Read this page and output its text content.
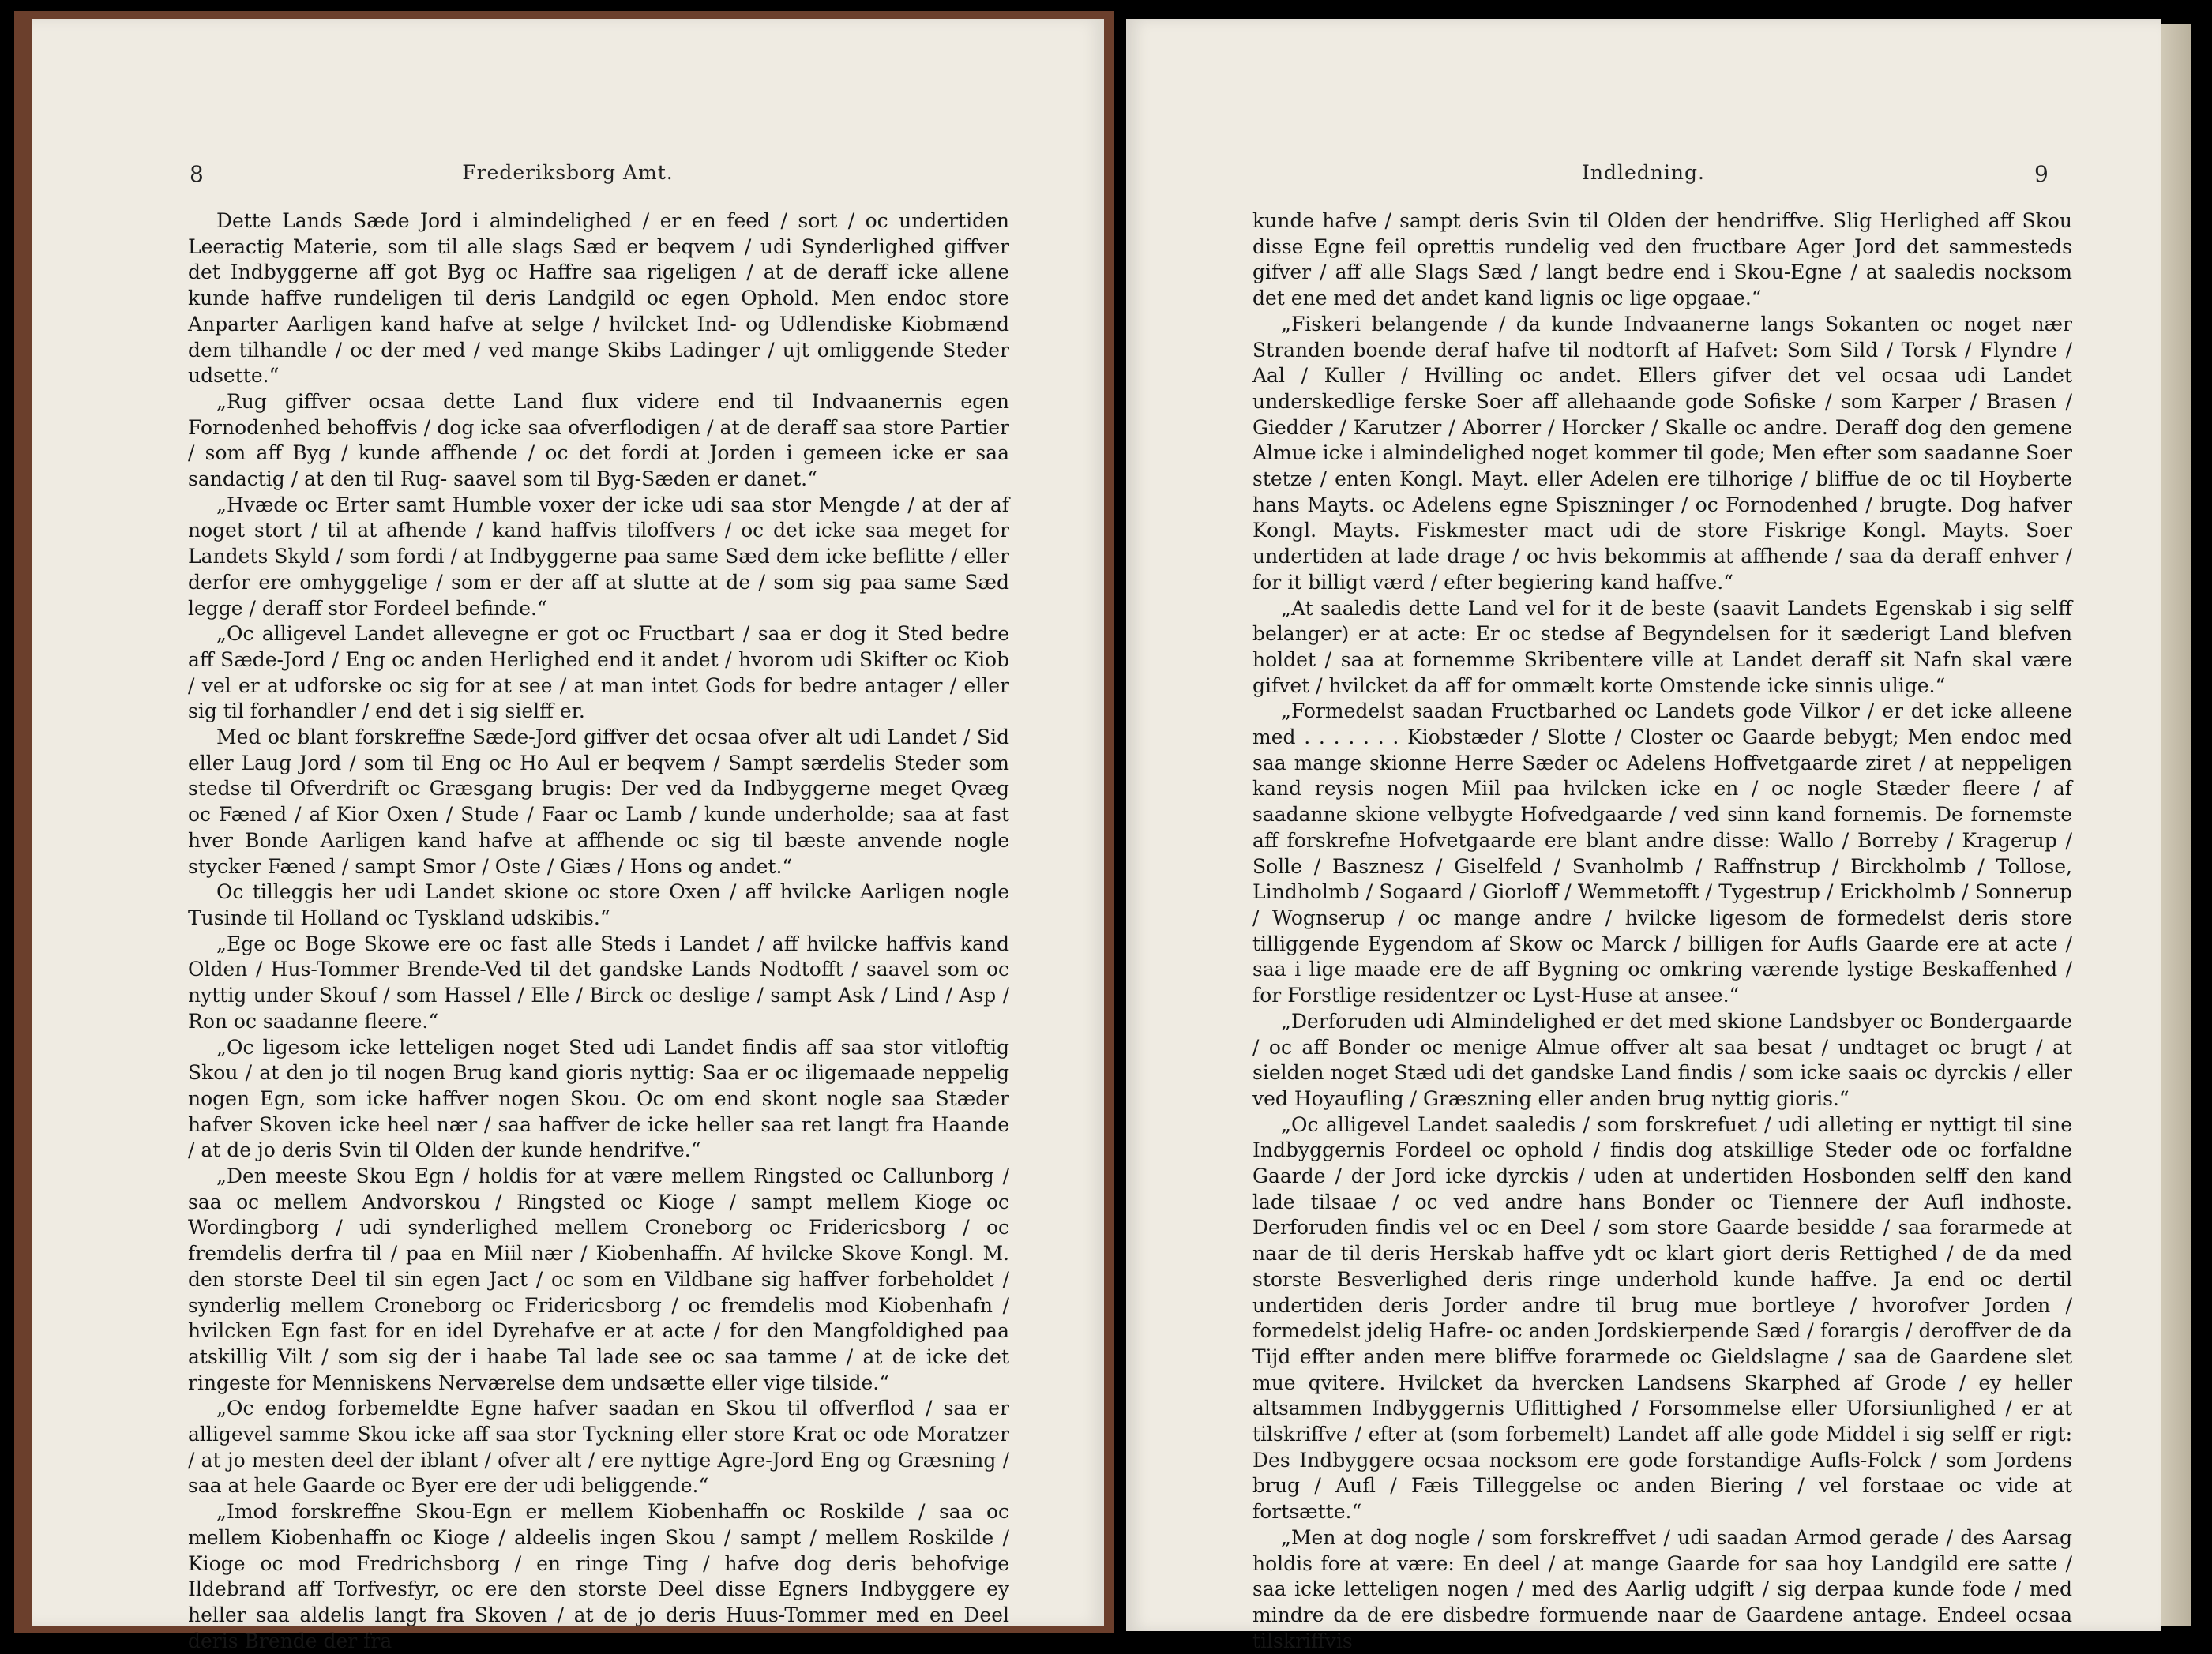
8	Frederiksborg Amt.

Dette Lands Sæde Jord i almindelighed / er en feed / sort / oc undertiden Leeractig Materie, som til alle slags Sæd er beqvem / udi Synderlighed giffver det Indbyggerne aff got Byg oc Haffre saa rigeligen / at de deraff icke allene kunde haffve rundeligen til deris Landgild oc egen Ophold. Men endoc store Anparter Aarligen kand hafve at selge / hvilcket Ind- og Udlendiske Kiobmænd dem tilhandle / oc der med / ved mange Skibs Ladinger / ujt omliggende Steder udsette.“

„Rug giffver ocsaa dette Land flux videre end til Indvaanernis egen Fornodenhed behoffvis / dog icke saa ofverflodigen / at de deraff saa store Partier / som aff Byg / kunde affhende / oc det fordi at Jorden i gemeen icke er saa sandactig / at den til Rug- saavel som til Byg-Sæden er danet.“

„Hvæde oc Erter samt Humble voxer der icke udi saa stor Mengde / at der af noget stort / til at afhende / kand haffvis tiloffvers / oc det icke saa meget for Landets Skyld / som fordi / at Indbyggerne paa same Sæd dem icke beflitte / eller derfor ere omhyggelige / som er der aff at slutte at de / som sig paa same Sæd legge / deraff stor Fordeel befinde.“

„Oc alligevel Landet allevegne er got oc Fructbart / saa er dog it Sted bedre aff Sæde-Jord / Eng oc anden Herlighed end it andet / hvorom udi Skifter oc Kiob / vel er at udforske oc sig for at see / at man intet Gods for bedre antager / eller sig til forhandler / end det i sig sielff er.

Med oc blant forskreffne Sæde-Jord giffver det ocsaa ofver alt udi Landet / Sid eller Laug Jord / som til Eng oc Ho Aul er beqvem / Sampt særdelis Steder som stedse til Ofverdrift oc Græsgang brugis: Der ved da Indbyggerne meget Qvæg oc Fæned / af Kior Oxen / Stude / Faar oc Lamb / kunde underholde; saa at fast hver Bonde Aarligen kand hafve at affhende oc sig til bæste anvende nogle stycker Fæned / sampt Smor / Oste / Giæs / Hons og andet.“

Oc tilleggis her udi Landet skione oc store Oxen / aff hvilcke Aarligen nogle Tusinde til Holland oc Tyskland udskibis.“

„Ege oc Boge Skowe ere oc fast alle Steds i Landet / aff hvilcke haffvis kand Olden / Hus-Tommer Brende-Ved til det gandske Lands Nodtofft / saavel som oc nyttig under Skouf / som Hassel / Elle / Birck oc deslige / sampt Ask / Lind / Asp / Ron oc saadanne fleere.“

„Oc ligesom icke letteligen noget Sted udi Landet findis aff saa stor vitloftig Skou / at den jo til nogen Brug kand gioris nyttig: Saa er oc iligemaade neppelig nogen Egn, som icke haffver nogen Skou. Oc om end skont nogle saa Stæder hafver Skoven icke heel nær / saa haffver de icke heller saa ret langt fra Haande / at de jo deris Svin til Olden der kunde hendrifve.“

„Den meeste Skou Egn / holdis for at være mellem Ringsted oc Callunborg / saa oc mellem Andvorskou / Ringsted oc Kioge / sampt mellem Kioge oc Wordingborg / udi synderlighed mellem Croneborg oc Fridericsborg / oc fremdelis derfra til / paa en Miil nær / Kiobenhaffn. Af hvilcke Skove Kongl. M. den storste Deel til sin egen Jact / oc som en Vildbane sig haffver forbeholdet / synderlig mellem Croneborg oc Fridericsborg / oc fremdelis mod Kiobenhafn / hvilcken Egn fast for en idel Dyrehafve er at acte / for den Mangfoldighed paa atskillig Vilt / som sig der i haabe Tal lade see oc saa tamme / at de icke det ringeste for Menniskens Nerværelse dem undsætte eller vige tilside.“

„Oc endog forbemeldte Egne hafver saadan en Skou til offverflod / saa er alligevel samme Skou icke aff saa stor Tyckning eller store Krat oc ode Moratzer / at jo mesten deel der iblant / ofver alt / ere nyttige Agre-Jord Eng og Græsning / saa at hele Gaarde oc Byer ere der udi beliggende.“

„Imod forskreffne Skou-Egn er mellem Kiobenhaffn oc Roskilde / saa oc mellem Kiobenhaffn oc Kioge / aldeelis ingen Skou / sampt / mellem Roskilde / Kioge oc mod Fredrichsborg / en ringe Ting / hafve dog deris behofvige Ildebrand aff Torfvesfyr, oc ere den storste Deel disse Egners Indbyggere ey heller saa aldelis langt fra Skoven / at de jo deris Huus-Tommer med en Deel deris Brende der fra

Indledning.	9

kunde hafve / sampt deris Svin til Olden der hendriffve. Slig Herlighed aff Skou disse Egne feil oprettis rundelig ved den fructbare Ager Jord det sammesteds gifver / aff alle Slags Sæd / langt bedre end i Skou-Egne / at saaledis nocksom det ene med det andet kand lignis oc lige opgaae.“

„Fiskeri belangende / da kunde Indvaanerne langs Sokanten oc noget nær Stranden boende deraf hafve til nodtorft af Hafvet: Som Sild / Torsk / Flyndre / Aal / Kuller / Hvilling oc andet. Ellers gifver det vel ocsaa udi Landet underskedlige ferske Soer aff allehaande gode Sofiske / som Karper / Brasen / Giedder / Karutzer / Aborrer / Horcker / Skalle oc andre. Deraff dog den gemene Almue icke i almindelighed noget kommer til gode; Men efter som saadanne Soer stetze / enten Kongl. Mayt. eller Adelen ere tilhorige / bliffue de oc til Hoyberte hans Mayts. oc Adelens egne Spiszninger / oc Fornodenhed / brugte. Dog hafver Kongl. Mayts. Fiskmester mact udi de store Fiskrige Kongl. Mayts. Soer undertiden at lade drage / oc hvis bekommis at affhende / saa da deraff enhver / for it billigt værd / efter begiering kand haffve.“

„At saaledis dette Land vel for it de beste (saavit Landets Egenskab i sig selff belanger) er at acte: Er oc stedse af Begyndelsen for it sæderigt Land blefven holdet / saa at fornemme Skribentere ville at Landet deraff sit Nafn skal være gifvet / hvilcket da aff for ommælt korte Omstende icke sinnis ulige.“

„Formedelst saadan Fructbarhed oc Landets gode Vilkor / er det icke alleene med . . . . . . . Kiobstæder / Slotte / Closter oc Gaarde bebygt; Men endoc med saa mange skionne Herre Sæder oc Adelens Hoffvetgaarde ziret / at neppeligen kand reysis nogen Miil paa hvilcken icke en / oc nogle Stæder fleere / af saadanne skione velbygte Hofvedgaarde / ved sinn kand fornemis. De fornemste aff forskrefne Hofvetgaarde ere blant andre disse: Wallo / Borreby / Kragerup / Solle / Basznesz / Giselfeld / Svanholmb / Raffnstrup / Birckholmb / Tollose, Lindholmb / Sogaard / Giorloff / Wemmetofft / Tygestrup / Erickholmb / Sonnerup / Wognserup / oc mange andre / hvilcke ligesom de formedelst deris store tilliggende Eygendom af Skow oc Marck / billigen for Aufls Gaarde ere at acte / saa i lige maade ere de aff Bygning oc omkring værende lystige Beskaffenhed / for Forstlige residentzer oc Lyst-Huse at ansee.“

„Derforuden udi Almindelighed er det med skione Landsbyer oc Bondergaarde / oc aff Bonder oc menige Almue offver alt saa besat / undtaget oc brugt / at sielden noget Stæd udi det gandske Land findis / som icke saais oc dyrckis / eller ved Hoyaufling / Græszning eller anden brug nyttig gioris.“

„Oc alligevel Landet saaledis / som forskrefuet / udi alleting er nyttigt til sine Indbyggernis Fordeel oc ophold / findis dog atskillige Steder ode oc forfaldne Gaarde / der Jord icke dyrckis / uden at undertiden Hosbonden selff den kand lade tilsaae / oc ved andre hans Bonder oc Tiennere der Aufl indhoste. Derforuden findis vel oc en Deel / som store Gaarde besidde / saa forarmede at naar de til deris Herskab haffve ydt oc klart giort deris Rettighed / de da med storste Besverlighed deris ringe underhold kunde haffve. Ja end oc dertil undertiden deris Jorder andre til brug mue bortleye / hvorofver Jorden / formedelst jdelig Hafre- oc anden Jordskierpende Sæd / forargis / deroffver de da Tijd effter anden mere bliffve forarmede oc Gieldslagne / saa de Gaardene slet mue qvitere. Hvilcket da hvercken Landsens Skarphed af Grode / ey heller altsammen Indbyggernis Uflittighed / Forsommelse eller Uforsiunlighed / er at tilskriffve / efter at (som forbemelt) Landet aff alle gode Middel i sig selff er rigt: Des Indbyggere ocsaa nocksom ere gode forstandige Aufls-Folck / som Jordens brug / Aufl / Fæis Tilleggelse oc anden Biering / vel forstaae oc vide at fortsætte.“

„Men at dog nogle / som forskreffvet / udi saadan Armod gerade / des Aarsag holdis fore at være: En deel / at mange Gaarde for saa hoy Landgild ere satte / saa icke letteligen nogen / med des Aarlig udgift / sig derpaa kunde fode / med mindre da de ere disbedre formuende naar de Gaardene antage. Endeel ocsaa tilskriffvis
